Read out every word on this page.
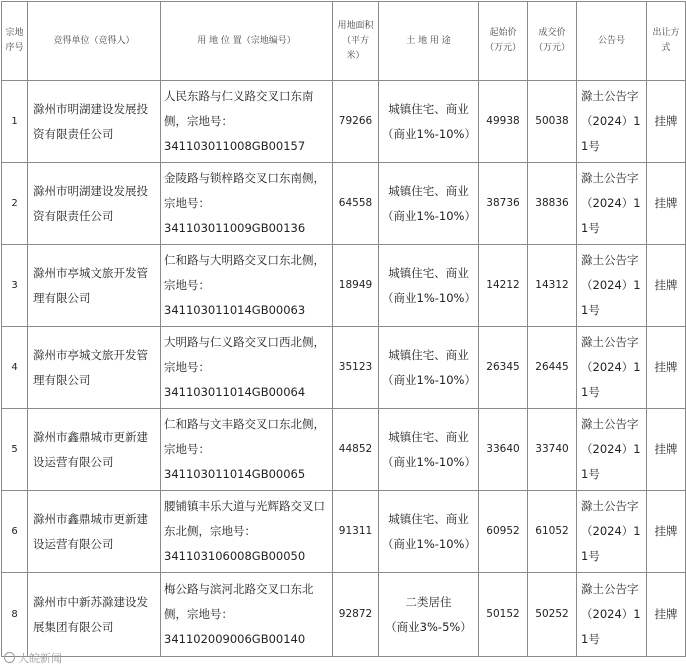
宗地序号	竞得单位（竞得人）	用 地 位 置（宗地编号）	用地面积（平方米）	土 地 用 途	起始价（万元）	成交价（万元）	公告号	出让方式
1	滁州市明湖建设发展投资有限责任公司	人民东路与仁义路交叉口东南侧，宗地号：341103011008GB00157	79266	城镇住宅、商业
（商业1%-10%）	49938	50038	滁土公告字（2024）11号	挂牌
2	滁州市明湖建设发展投资有限责任公司	金陵路与锁梓路交叉口东南侧，宗地号：341103011009GB00136	64558	城镇住宅、商业
（商业1%-10%）	38736	38836	滁土公告字（2024）11号	挂牌
3	滁州市亭城文旅开发管理有限公司	仁和路与大明路交叉口东北侧，宗地号：341103011014GB00063	18949	城镇住宅、商业
（商业1%-10%）	14212	14312	滁土公告字（2024）11号	挂牌
4	滁州市亭城文旅开发管理有限公司	大明路与仁义路交叉口西北侧，宗地号：341103011014GB00064	35123	城镇住宅、商业
（商业1%-10%）	26345	26445	滁土公告字（2024）11号	挂牌
5	滁州市鑫鼎城市更新建设运营有限公司	仁和路与文丰路交叉口东北侧，宗地号：341103011014GB00065	44852	城镇住宅、商业
（商业1%-10%）	33640	33740	滁土公告字（2024）11号	挂牌
6	滁州市鑫鼎城市更新建设运营有限公司	腰铺镇丰乐大道与光辉路交叉口东北侧，宗地号：341103106008GB00050	91311	城镇住宅、商业
（商业1%-10%）	60952	61052	滁土公告字（2024）11号	挂牌
8	滁州市中新苏滁建设发展集团有限公司	梅公路与滨河北路交叉口东北侧，宗地号：341102009006GB00140	92872	二类居住
（商业3%-5%）	50152	50252	滁土公告字（2024）11号	挂牌
大皖新闻
